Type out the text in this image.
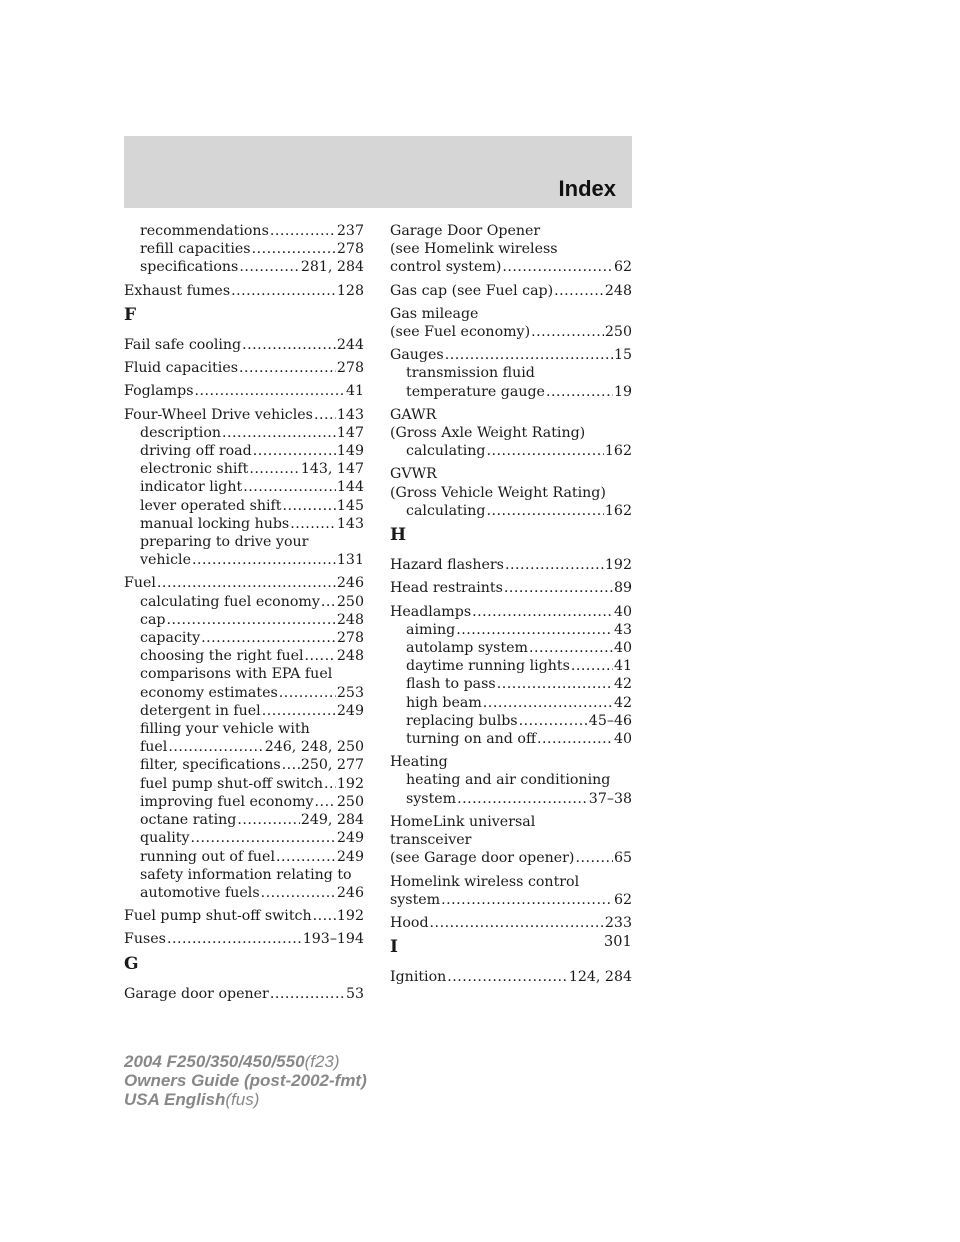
Index
recommendations .....	237
refill capacities .....	278
specifications .....	281, 284
Exhaust fumes .....	128
F
Fail safe cooling .....	244
Fluid capacities .....	278
Foglamps .....	41
Four-Wheel Drive vehicles ..... 143
description .....	147
driving off road .....	149
electronic shift .....	143, 147
indicator light .....	144
lever operated shift .....	145
manual locking hubs .....	143
preparing to drive your
vehicle .....	131
Fuel .....	246
calculating fuel economy ..... 250
cap .....	248
capacity .....	278
choosing the right fuel ..... 248
comparisons with EPA fuel
economy estimates .....	253
detergent in fuel .....	249
filling your vehicle with
fuel .....	246, 248, 250
filter, specifications ..... 250, 277
fuel pump shut-off switch ..... 192
improving fuel economy ..... 250
octane rating .....	249, 284
quality .....	249
running out of fuel .....	249
safety information relating to
automotive fuels .....	246
Fuel pump shut-off switch ..... 192
Fuses .....	193–194
G
Garage door opener .....	53
Garage Door Opener
(see Homelink wireless
control system) .....	62
Gas cap (see Fuel cap) .....	248
Gas mileage
(see Fuel economy) .....	250
Gauges .....	15
transmission fluid
temperature gauge .....	19
GAWR
(Gross Axle Weight Rating)
calculating .....	162
GVWR
(Gross Vehicle Weight Rating)
calculating .....	162
H
Hazard flashers .....	192
Head restraints .....	89
Headlamps .....	40
aiming .....	43
autolamp system .....	40
daytime running lights .....	41
flash to pass .....	42
high beam .....	42
replacing bulbs .....	45–46
turning on and off .....	40
Heating
heating and air conditioning
system .....	37–38
HomeLink universal
transceiver
(see Garage door opener) .....	65
Homelink wireless control
system .....	62
Hood .....	233
I
Ignition .....	124, 284
301
2004 F250/350/450/550(f23)
Owners Guide (post-2002-fmt)
USA English(fus)
